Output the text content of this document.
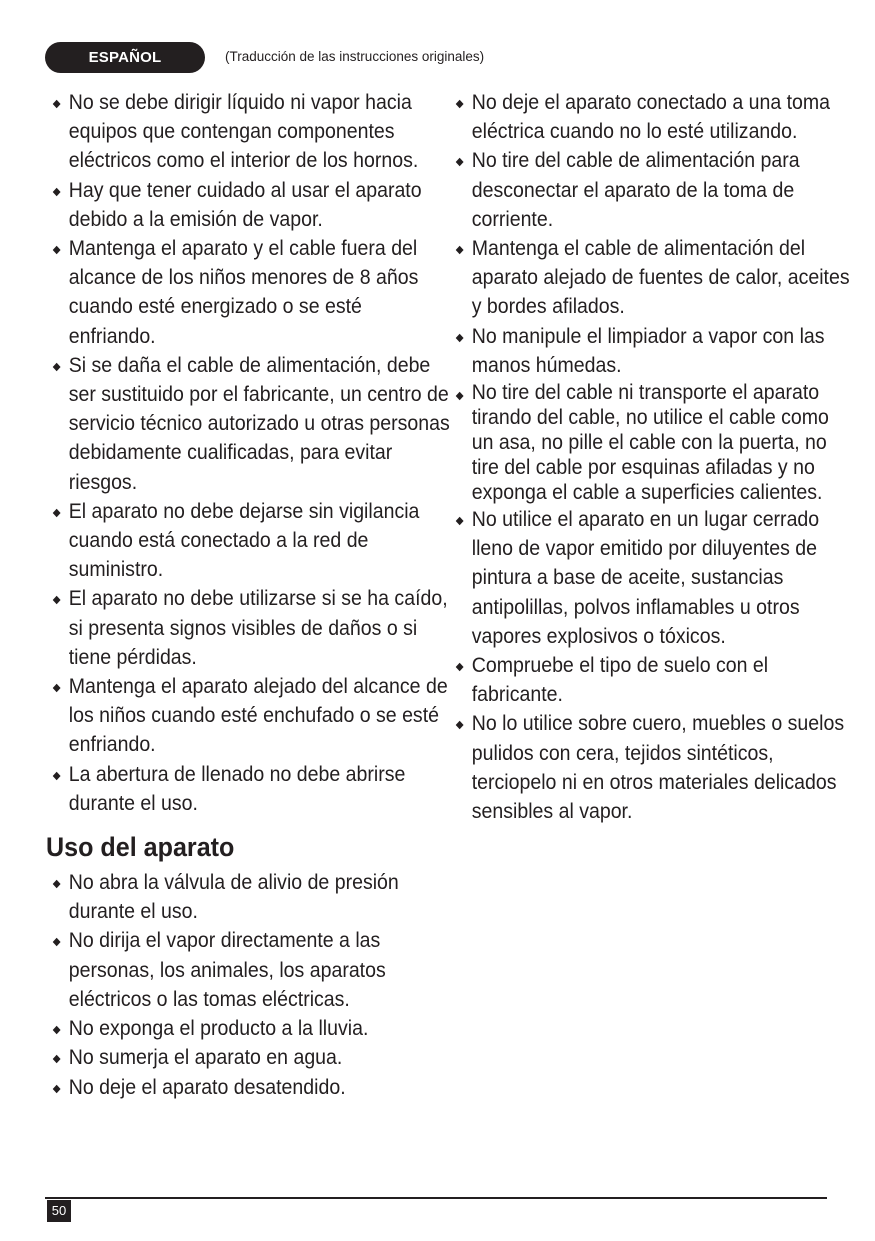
ESPAÑOL	(Traducción de las instrucciones originales)
No se debe dirigir líquido ni vapor hacia equipos que contengan componentes eléctricos como el interior de los hornos.
Hay que tener cuidado al usar el aparato debido a la emisión de vapor.
Mantenga el aparato y el cable fuera del alcance de los niños menores de 8 años cuando esté energizado o se esté enfriando.
Si se daña el cable de alimentación, debe ser sustituido por el fabricante, un centro de servicio técnico autorizado u otras personas debidamente cualificadas, para evitar riesgos.
El aparato no debe dejarse sin vigilancia cuando está conectado a la red de suministro.
El aparato no debe utilizarse si se ha caído, si presenta signos visibles de daños o si tiene pérdidas.
Mantenga el aparato alejado del alcance de los niños cuando esté enchufado o se esté enfriando.
La abertura de llenado no debe abrirse durante el uso.
Uso del aparato
No abra la válvula de alivio de presión durante el uso.
No dirija el vapor directamente a las personas, los animales, los aparatos eléctricos o las tomas eléctricas.
No exponga el producto a la lluvia.
No sumerja el aparato en agua.
No deje el aparato desatendido.
No deje el aparato conectado a una toma eléctrica cuando no lo esté utilizando.
No tire del cable de alimentación para desconectar el aparato de la toma de corriente.
Mantenga el cable de alimentación del aparato alejado de fuentes de calor, aceites y bordes afilados.
No manipule el limpiador a vapor con las manos húmedas.
No tire del cable ni transporte el aparato tirando del cable, no utilice el cable como un asa, no pille el cable con la puerta, no tire del cable por esquinas afiladas y no exponga el cable a superficies calientes.
No utilice el aparato en un lugar cerrado lleno de vapor emitido por diluyentes de pintura a base de aceite, sustancias antipolillas, polvos inflamables u otros vapores explosivos o tóxicos.
Compruebe el tipo de suelo con el fabricante.
No lo utilice sobre cuero, muebles o suelos pulidos con cera, tejidos sintéticos, terciopelo ni en otros materiales delicados sensibles al vapor.
50
